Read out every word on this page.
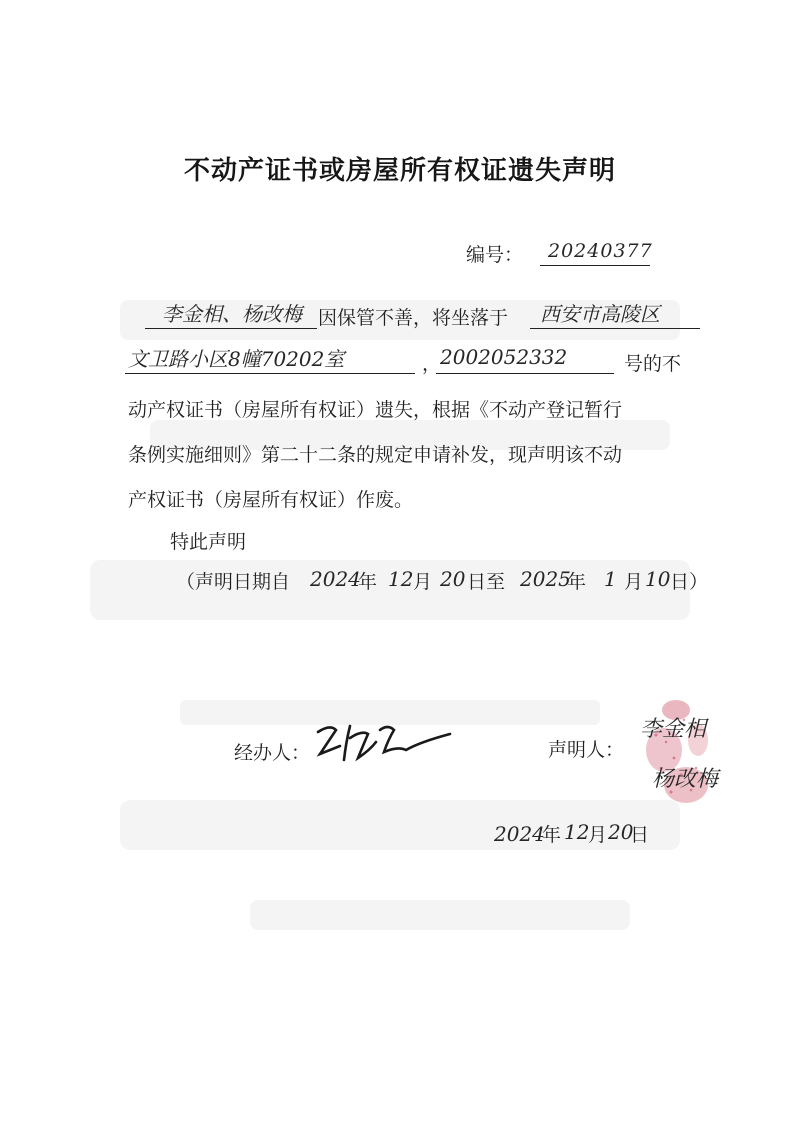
不动产证书或房屋所有权证遗失声明
编号： 20240377
李金相、杨改梅 因保管不善，将坐落于 西安市高陵区
文卫路小区8幢70202室	，
2002052332	号的不
动产权证书（房屋所有权证）遗失，根据《不动产登记暂行
条例实施细则》第二十二条的规定申请补发，现声明该不动
产权证书（房屋所有权证）作废。
特此声明
（声明日期自 2024
年 12 月 20 日至 2025
年 1 月 10 日）
经办人：	声明人：
李金相
杨改梅
2024
年 12
月 20
日
